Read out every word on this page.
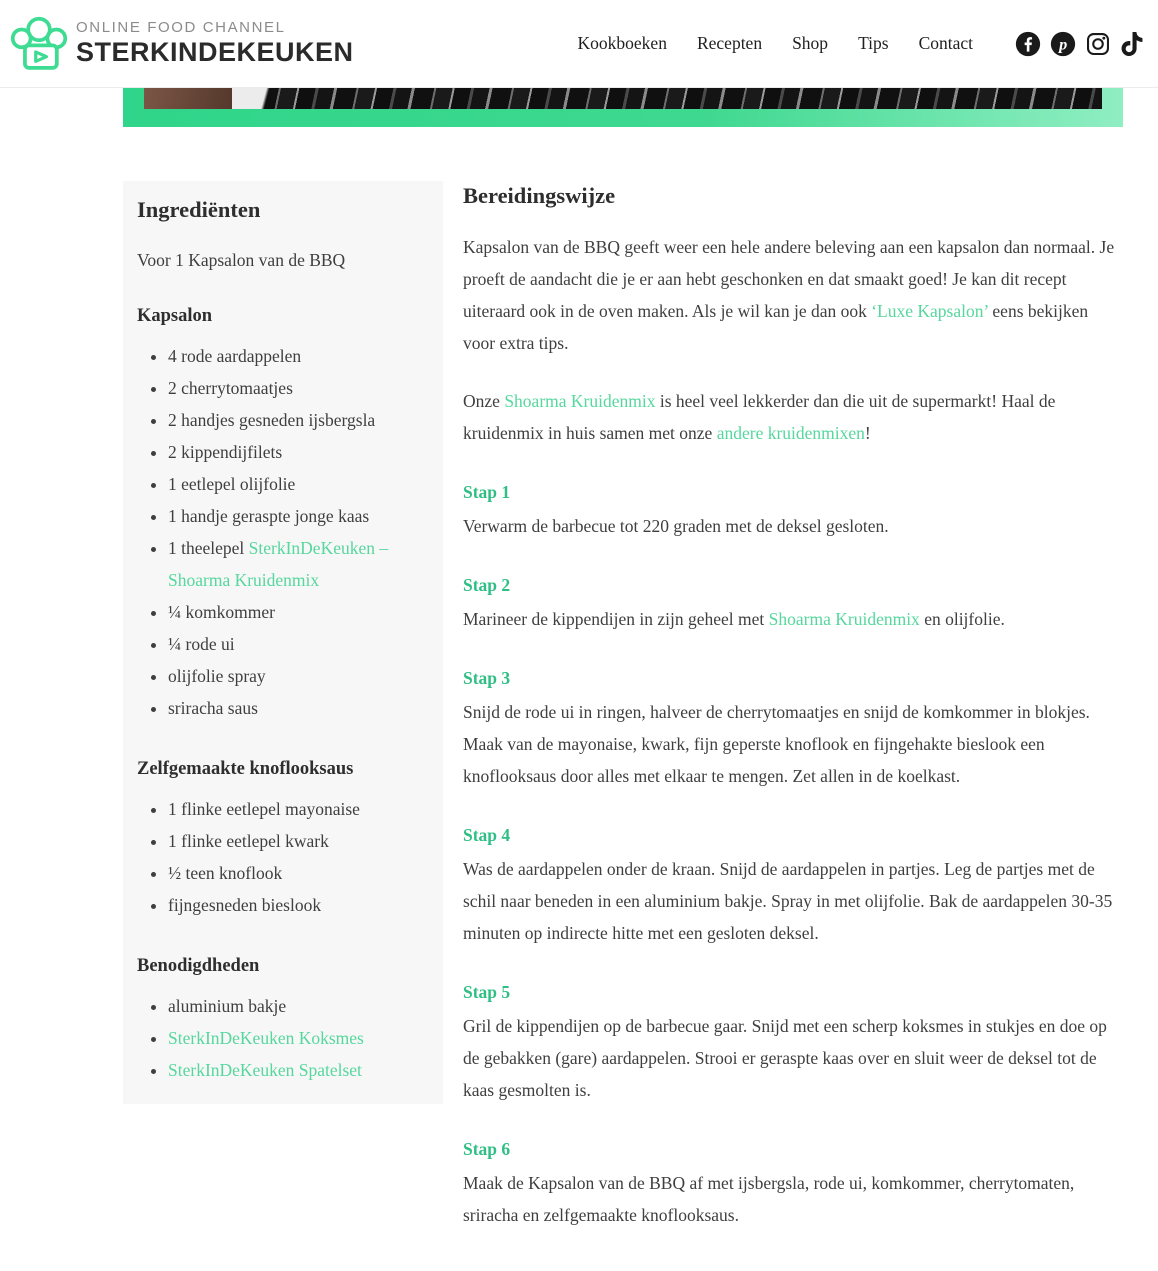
ONLINE FOOD CHANNEL
STERKINDEKEUKEN	Kookboeken Recepten Shop Tips Contact	p
Ingrediënten

Voor 1 Kapsalon van de BBQ

Kapsalon
• 4 rode aardappelen
• 2 cherrytomaatjes
• 2 handjes gesneden ijsbergsla
• 2 kippendijfilets
• 1 eetlepel olijfolie
• 1 handje geraspte jonge kaas
• 1 theelepel SterkInDeKeuken – Shoarma Kruidenmix
• ¼ komkommer
• ¼ rode ui
• olijfolie spray
• sriracha saus
Zelfgemaakte knoflooksaus
• 1 flinke eetlepel mayonaise
• 1 flinke eetlepel kwark
• ½ teen knoflook
• fijngesneden bieslook
Benodigdheden
• aluminium bakje
• SterkInDeKeuken Koksmes
• SterkInDeKeuken Spatelset
Bereidingswijze

Kapsalon van de BBQ geeft weer een hele andere beleving aan een kapsalon dan normaal. Je proeft de aandacht die je er aan hebt geschonken en dat smaakt goed! Je kan dit recept uiteraard ook in de oven maken. Als je wil kan je dan ook ‘Luxe Kapsalon’ eens bekijken voor extra tips.

Onze Shoarma Kruidenmix is heel veel lekkerder dan die uit de supermarkt! Haal de kruidenmix in huis samen met onze andere kruidenmixen!

Stap 1

Verwarm de barbecue tot 220 graden met de deksel gesloten.

Stap 2

Marineer de kippendijen in zijn geheel met Shoarma Kruidenmix en olijfolie.

Stap 3

Snijd de rode ui in ringen, halveer de cherrytomaatjes en snijd de komkommer in blokjes. Maak van de mayonaise, kwark, fijn geperste knoflook en fijngehakte bieslook een knoflooksaus door alles met elkaar te mengen. Zet allen in de koelkast.

Stap 4

Was de aardappelen onder de kraan. Snijd de aardappelen in partjes. Leg de partjes met de schil naar beneden in een aluminium bakje. Spray in met olijfolie. Bak de aardappelen 30-35 minuten op indirecte hitte met een gesloten deksel.

Stap 5

Gril de kippendijen op de barbecue gaar. Snijd met een scherp koksmes in stukjes en doe op de gebakken (gare) aardappelen. Strooi er geraspte kaas over en sluit weer de deksel tot de kaas gesmolten is.

Stap 6

Maak de Kapsalon van de BBQ af met ijsbergsla, rode ui, komkommer, cherrytomaten, sriracha en zelfgemaakte knoflooksaus.
